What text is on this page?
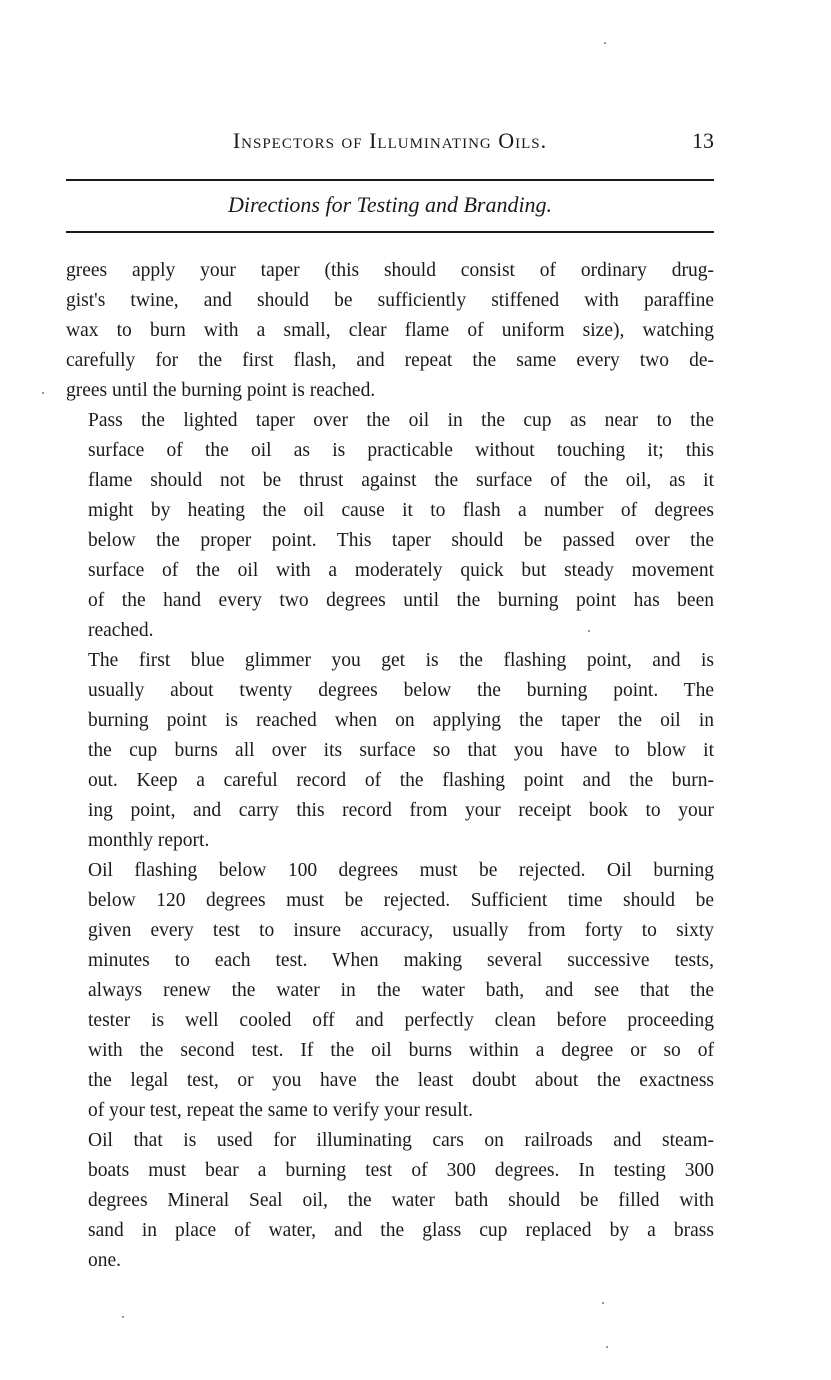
Inspectors of Illuminating Oils.	13
Directions for Testing and Branding.

grees apply your taper (this should consist of ordinary drug-
gist's twine, and should be sufficiently stiffened with paraffine
wax to burn with a small, clear flame of uniform size), watching
carefully for the first flash, and repeat the same every two de-
grees until the burning point is reached.

Pass the lighted taper over the oil in the cup as near to the
surface of the oil as is practicable without touching it; this
flame should not be thrust against the surface of the oil, as it
might by heating the oil cause it to flash a number of degrees
below the proper point. This taper should be passed over the
surface of the oil with a moderately quick but steady movement
of the hand every two degrees until the burning point has been
reached.

The first blue glimmer you get is the flashing point, and is
usually about twenty degrees below the burning point. The
burning point is reached when on applying the taper the oil in
the cup burns all over its surface so that you have to blow it
out. Keep a careful record of the flashing point and the burn-
ing point, and carry this record from your receipt book to your
monthly report.

Oil flashing below 100 degrees must be rejected. Oil burning
below 120 degrees must be rejected. Sufficient time should be
given every test to insure accuracy, usually from forty to sixty
minutes to each test. When making several successive tests,
always renew the water in the water bath, and see that the
tester is well cooled off and perfectly clean before proceeding
with the second test. If the oil burns within a degree or so of
the legal test, or you have the least doubt about the exactness
of your test, repeat the same to verify your result.

Oil that is used for illuminating cars on railroads and steam-
boats must bear a burning test of 300 degrees. In testing 300
degrees Mineral Seal oil, the water bath should be filled with
sand in place of water, and the glass cup replaced by a brass
one.
